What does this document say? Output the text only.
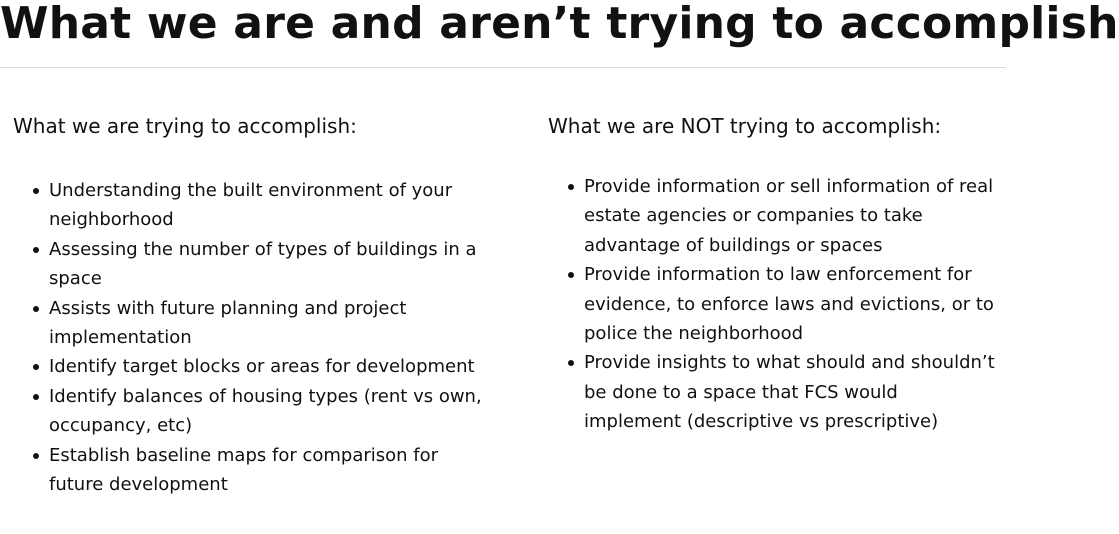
What we are and aren’t trying to accomplish
What we are trying to accomplish:
Understanding the built environment of your neighborhood
Assessing the number of types of buildings in a space
Assists with future planning and project implementation
Identify target blocks or areas for development
Identify balances of housing types (rent vs own, occupancy, etc)
Establish baseline maps for comparison for future development
What we are NOT trying to accomplish:
Provide information or sell information of real estate agencies or companies to take advantage of buildings or spaces
Provide information to law enforcement for evidence, to enforce laws and evictions, or to police the neighborhood
Provide insights to what should and shouldn’t be done to a space that FCS would implement (descriptive vs prescriptive)
